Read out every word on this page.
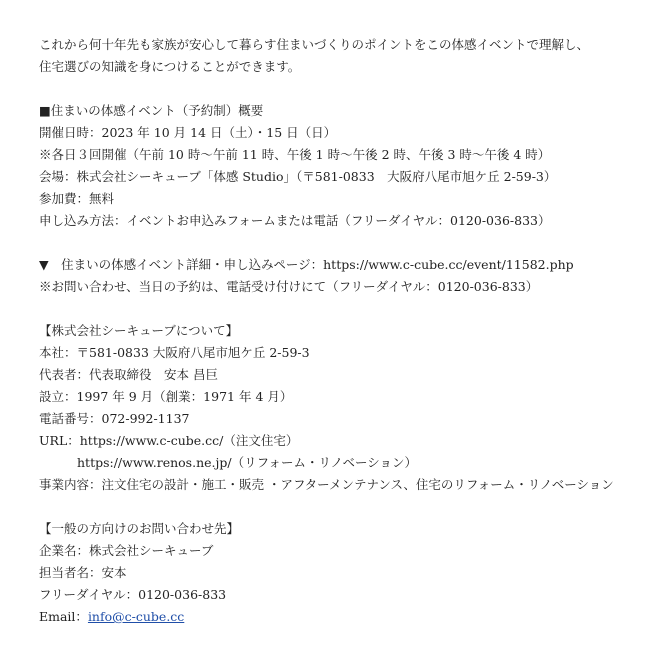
これから何十年先も家族が安心して暮らす住まいづくりのポイントをこの体感イベントで理解し、
住宅選びの知識を身につけることができます。
■住まいの体感イベント（予約制）概要
開催日時：2023 年 10 月 14 日（土）・15 日（日）
※各日３回開催（午前 10 時～午前 11 時、午後 1 時～午後 2 時、午後 3 時～午後 4 時）
会場：株式会社シーキューブ「体感 Studio」（〒581-0833　大阪府八尾市旭ケ丘 2-59-3）
参加費：無料
申し込み方法：イベントお申込みフォームまたは電話（フリーダイヤル：0120-036-833）
▼　住まいの体感イベント詳細・申し込みページ：https://www.c-cube.cc/event/11582.php
※お問い合わせ、当日の予約は、電話受け付けにて（フリーダイヤル：0120-036-833）
【株式会社シーキューブについて】
本社：〒581-0833 大阪府八尾市旭ケ丘 2-59-3
代表者：代表取締役　安本 昌巨
設立：1997 年 9 月（創業：1971 年 4 月）
電話番号：072-992-1137
URL：https://www.c-cube.cc/（注文住宅）
https://www.renos.ne.jp/（リフォーム・リノベーション）
事業内容：注文住宅の設計・施工・販売 ・アフターメンテナンス、住宅のリフォーム・リノベーション
【一般の方向けのお問い合わせ先】
企業名：株式会社シーキューブ
担当者名：安本
フリーダイヤル：0120-036-833
Email：info@c-cube.cc
